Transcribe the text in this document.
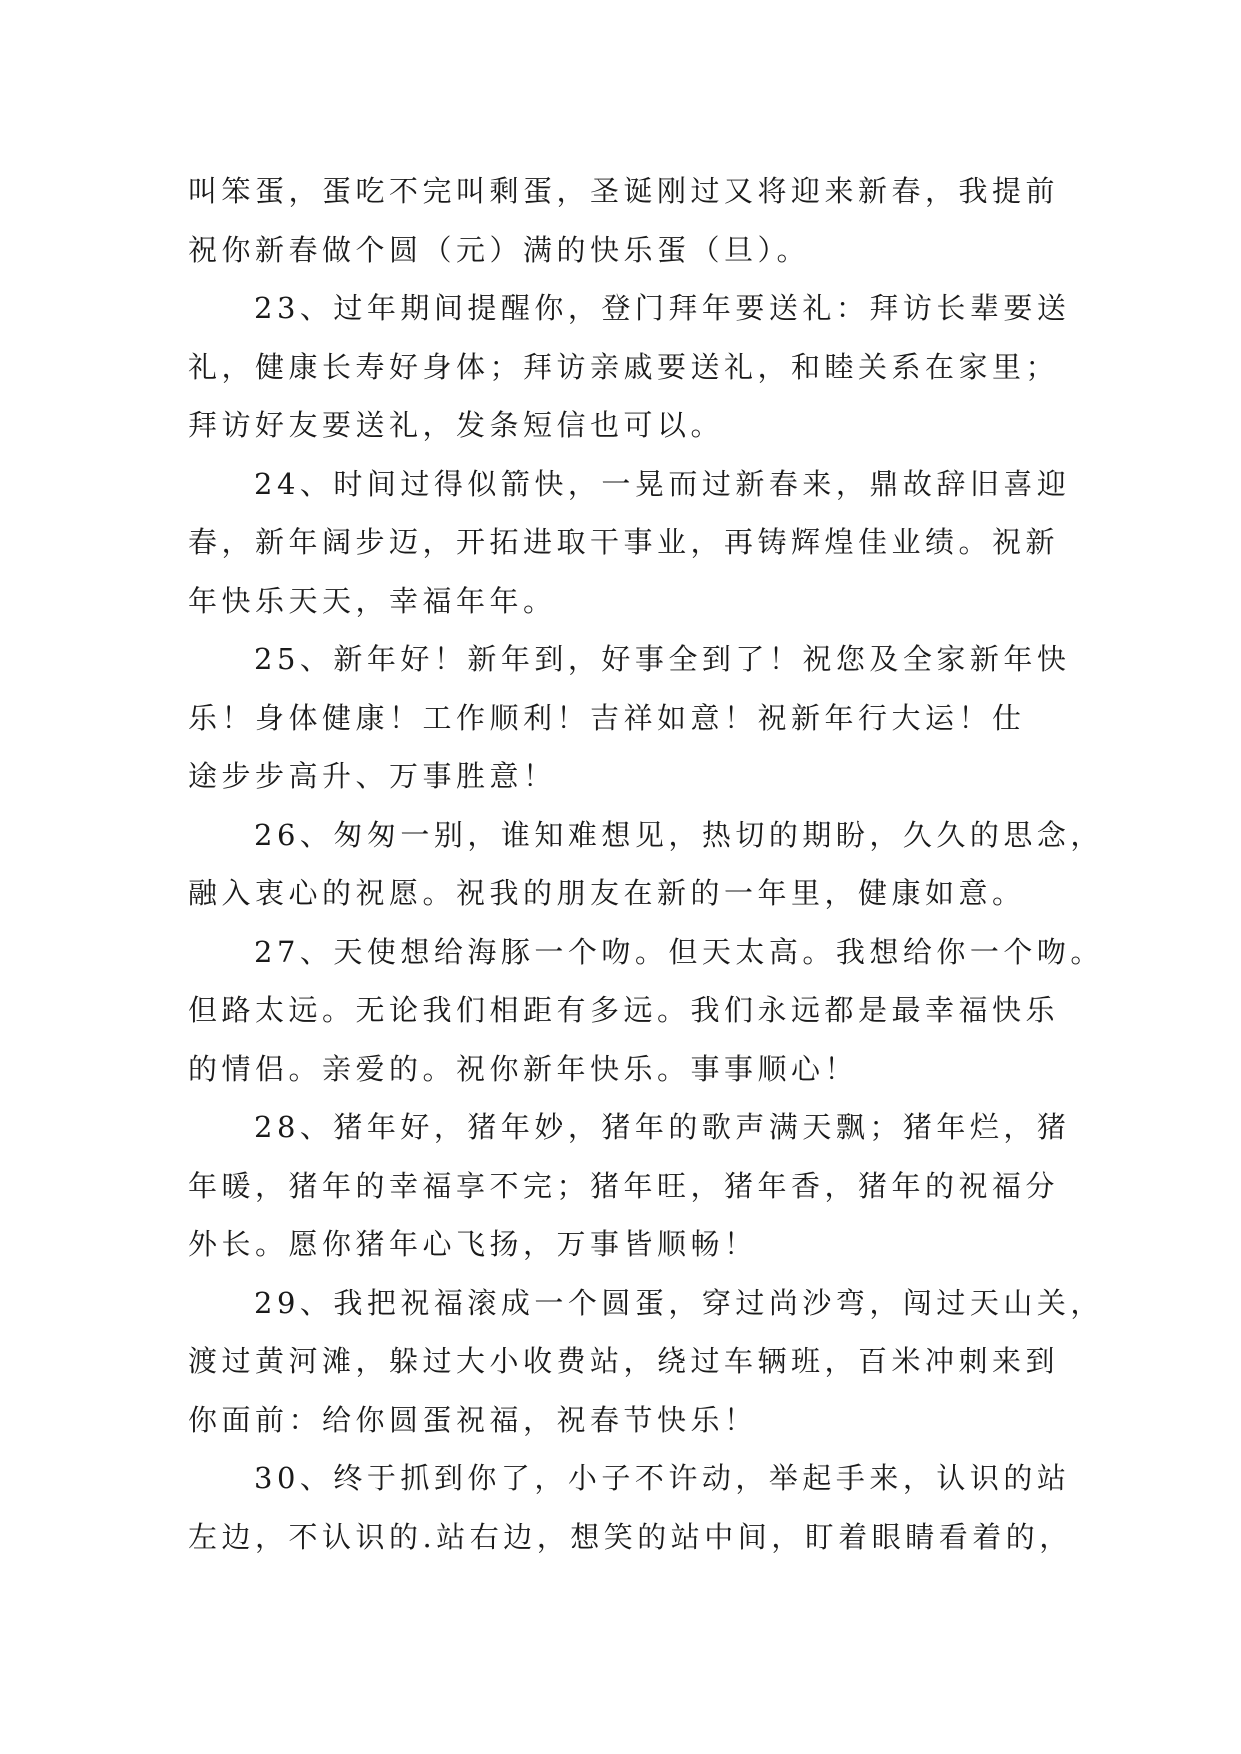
叫笨蛋，蛋吃不完叫剩蛋，圣诞刚过又将迎来新春，我提前
祝你新春做个圆（元）满的快乐蛋（旦）。
23、过年期间提醒你，登门拜年要送礼：拜访长辈要送
礼，健康长寿好身体；拜访亲戚要送礼，和睦关系在家里；
拜访好友要送礼，发条短信也可以。
24、时间过得似箭快，一晃而过新春来，鼎故辞旧喜迎
春，新年阔步迈，开拓进取干事业，再铸辉煌佳业绩。祝新
年快乐天天，幸福年年。
25、新年好！新年到，好事全到了！祝您及全家新年快
乐！身体健康！工作顺利！吉祥如意！祝新年行大运！仕
途步步高升、万事胜意！
26、匆匆一别，谁知难想见，热切的期盼，久久的思念，
融入衷心的祝愿。祝我的朋友在新的一年里，健康如意。
27、天使想给海豚一个吻。但天太高。我想给你一个吻。
但路太远。无论我们相距有多远。我们永远都是最幸福快乐
的情侣。亲爱的。祝你新年快乐。事事顺心！
28、猪年好，猪年妙，猪年的歌声满天飘；猪年烂，猪
年暖，猪年的幸福享不完；猪年旺，猪年香，猪年的祝福分
外长。愿你猪年心飞扬，万事皆顺畅！
29、我把祝福滚成一个圆蛋，穿过尚沙弯，闯过天山关，
渡过黄河滩，躲过大小收费站，绕过车辆班，百米冲刺来到
你面前：给你圆蛋祝福，祝春节快乐！
30、终于抓到你了，小子不许动，举起手来，认识的站
左边，不认识的.站右边，想笑的站中间，盯着眼睛看着的，
